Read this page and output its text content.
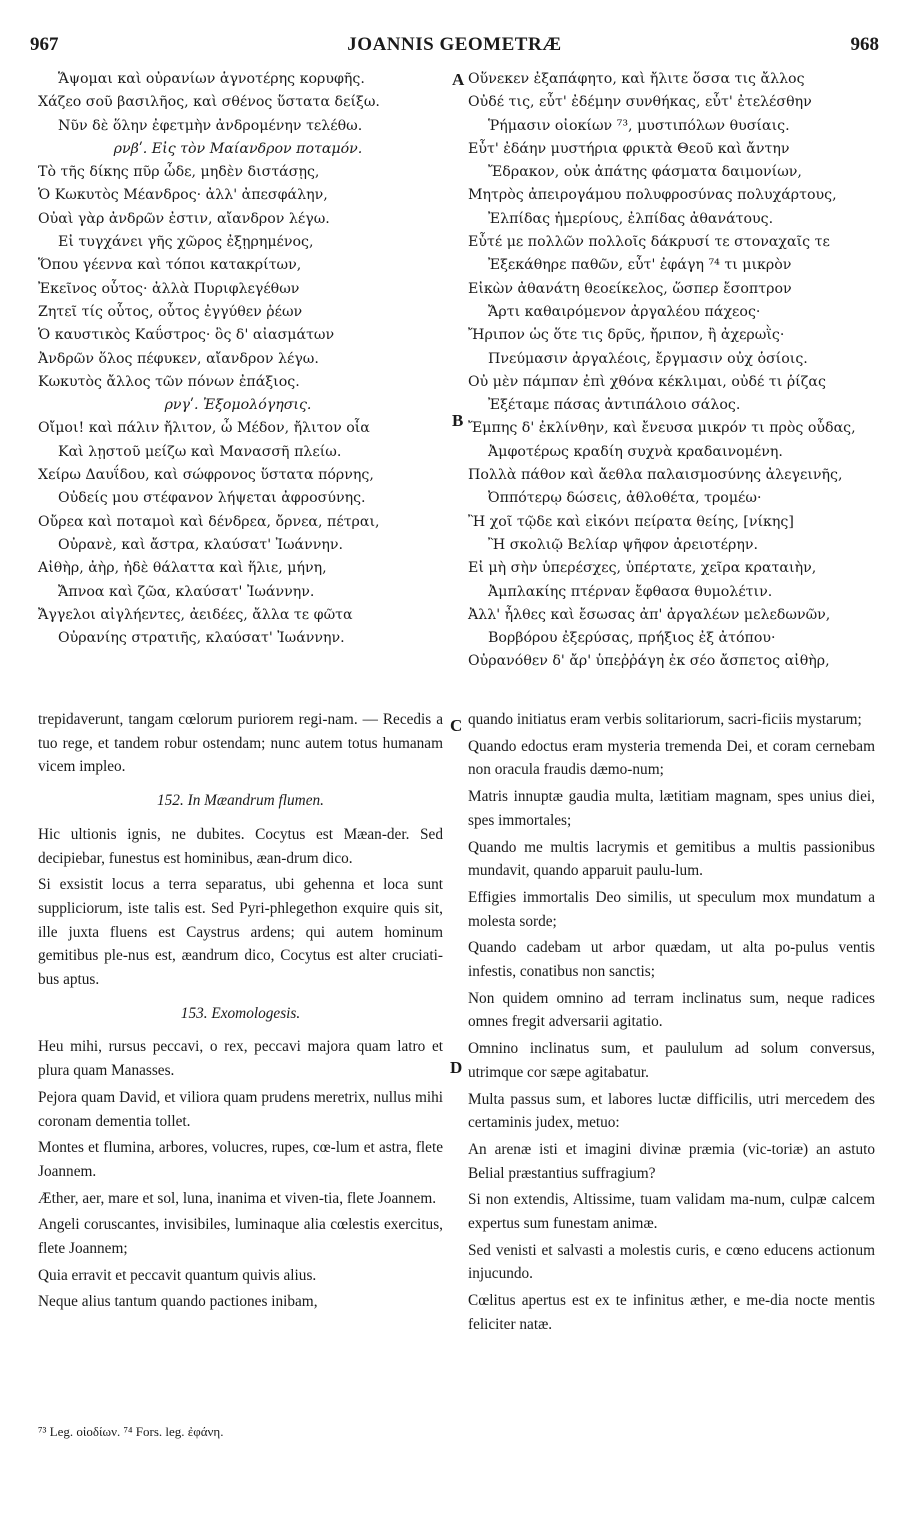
967	JOANNIS GEOMETRÆ	968
Ἅψομαι καὶ οὐρανίων ἁγνοτέρης κορυφῆς.
Χάζεο σοῦ βασιλῆος, καὶ σθένος ὕστατα δείξω.
Νῦν δὲ ὅλην ἐφετμὴν ἀνδρομένην τελέθω.
ρνβʹ. Εἰς τὸν Μαίανδρον ποταμόν.
Τὸ τῆς δίκης πῦρ ὧδε, μηδὲν διστάσῃς,
Ὁ Κωκυτὸς Μέανδρος· ἀλλ' ἀπεσφάλην,
Οὐαὶ γὰρ ἀνδρῶν ἐστιν, αἴανδρον λέγω.
Εἰ τυγχάνει γῆς χῶρος ἐξῃρημένος,
Ὅπου γέεννα καὶ τόποι κατακρίτων,
Ἐκεῖνος οὗτος· ἀλλὰ Πυριφλεγέθων
Ζητεῖ τίς οὗτος, οὗτος ἐγγύθεν ῥέων
Ὁ καυστικὸς Καΰστρος· ὃς δ' αἰασμάτων
Ἀνδρῶν ὅλος πέφυκεν, αἴανδρον λέγω.
Κωκυτὸς ἄλλος τῶν πόνων ἐπάξιος.
ρνγʹ. Ἐξομολόγησις.
Οἴμοι! καὶ πάλιν ἤλιτον, ὦ Μέδον, ἤλιτον οἷα
Καὶ λῃστοῦ μείζω καὶ Μανασσῆ πλείω.
Χείρω Δαυΐδου, καὶ σώφρονος ὕστατα πόρνης,
Οὐδείς μου στέφανον λήψεται ἀφροσύνης.
Οὔρεα καὶ ποταμοὶ καὶ δένδρεα, ὄρνεα, πέτραι,
Οὐρανὲ, καὶ ἄστρα, κλαύσατ' Ἰωάννην.
Αἰθὴρ, ἀὴρ, ἠδὲ θάλαττα καὶ ἥλιε, μήνη,
Ἄπνοα καὶ ζῶα, κλαύσατ' Ἰωάννην.
Ἄγγελοι αἰγλήεντες, ἀειδέες, ἄλλα τε φῶτα
Οὐρανίης στρατιῆς, κλαύσατ' Ἰωάννην.
Οὕνεκεν ἐξαπάφητο, καὶ ἤλιτε ὅσσα τις ἄλλος
Οὐδέ τις, εὖτ' ἐδέμην συνθήκας, εὖτ' ἐτελέσθην
Ῥήμασιν οἰοκίων ⁷³, μυστιπόλων θυσίαις.
Εὖτ' ἐδάην μυστήρια φρικτὰ Θεοῦ καὶ ἄντην
Ἔδρακον, οὐκ ἀπάτης φάσματα δαιμονίων,
Μητρὸς ἀπειρογάμου πολυφροσύνας πολυχάρτους,
Ἐλπίδας ἠμερίους, ἐλπίδας ἀθανάτους.
Εὖτέ με πολλῶν πολλοῖς δάκρυσί τε στοναχαῖς τε
Ἐξεκάθηρε παθῶν, εὖτ' ἐφάγη ⁷⁴ τι μικρὸν
Εἰκὼν ἀθανάτη θεοείκελος, ὥσπερ ἔσοπτρον
Ἄρτι καθαιρόμενον ἀργαλέου πάχεος·
Ἤριπον ὡς ὅτε τις δρῦς, ἤριπον, ἢ ἀχερωῒς·
Πνεύμασιν ἀργαλέοις, ἔργμασιν οὐχ ὁσίοις.
Οὐ μὲν πάμπαν ἐπὶ χθόνα κέκλιμαι, οὐδέ τι ῥίζας
Ἐξέταμε πάσας ἀντιπάλοιο σάλος.
Ἔμπης δ' ἐκλίνθην, καὶ ἔνευσα μικρόν τι πρὸς οὖδας,
Ἀμφοτέρως κραδίη συχνὰ κραδαινομένη.
Πολλὰ πάθον καὶ ἄεθλα παλαισμοσύνης ἀλεγεινῆς,
Ὀππότερῳ δώσεις, ἀθλοθέτα, τρομέω·
Ἢ χοῖ τῷδε καὶ εἰκόνι πείρατα θείης, [νίκης]
Ἢ σκολιῷ Βελίαρ ψῆφον ἀρειοτέρην.
Εἰ μὴ σὴν ὑπερέσχες, ὑπέρτατε, χεῖρα κραταιὴν,
Ἀμπλακίης πτέρναν ἔφθασα θυμολέτιν.
Ἀλλ' ἦλθες καὶ ἔσωσας ἀπ' ἀργαλέων μελεδωνῶν,
Βορβόρου ἐξερύσας, πρήξιος ἐξ ἀτόπου·
Οὐρανόθεν δ' ἄρ' ὑπεῤῥάγη ἐκ σέο ἄσπετος αἰθὴρ,
A
B
C
D

trepidaverunt, tangam cœlorum puriorem regi-nam. — Recedis a tuo rege, et tandem robur ostendam; nunc autem totus humanam vicem impleo.

152. In Mæandrum flumen.

Hic ultionis ignis, ne dubites. Cocytus est Mæan-der. Sed decipiebar, funestus est hominibus, æan-drum dico.

Si exsistit locus a terra separatus, ubi gehenna et loca sunt suppliciorum, iste talis est. Sed Pyri-phlegethon exquire quis sit, ille juxta fluens est Caystrus ardens; qui autem hominum gemitibus ple-nus est, æandrum dico, Cocytus est alter cruciati-bus aptus.

153. Exomologesis.

Heu mihi, rursus peccavi, o rex, peccavi majora quam latro et plura quam Manasses.

Pejora quam David, et viliora quam prudens meretrix, nullus mihi coronam dementia tollet.

Montes et flumina, arbores, volucres, rupes, cœ-lum et astra, flete Joannem.

Æther, aer, mare et sol, luna, inanima et viven-tia, flete Joannem.

Angeli coruscantes, invisibiles, luminaque alia cœlestis exercitus, flete Joannem;

Quia erravit et peccavit quantum quivis alius.

Neque alius tantum quando pactiones inibam,

quando initiatus eram verbis solitariorum, sacri-ficiis mystarum;

Quando edoctus eram mysteria tremenda Dei, et coram cernebam non oracula fraudis dæmo-num;

Matris innuptæ gaudia multa, lætitiam magnam, spes unius diei, spes immortales;

Quando me multis lacrymis et gemitibus a multis passionibus mundavit, quando apparuit paulu-lum.

Effigies immortalis Deo similis, ut speculum mox mundatum a molesta sorde;

Quando cadebam ut arbor quædam, ut alta po-pulus ventis infestis, conatibus non sanctis;

Non quidem omnino ad terram inclinatus sum, neque radices omnes fregit adversarii agitatio.

Omnino inclinatus sum, et paululum ad solum conversus, utrimque cor sæpe agitabatur.

Multa passus sum, et labores luctæ difficilis, utri mercedem des certaminis judex, metuo:

An arenæ isti et imagini divinæ præmia (vic-toriæ) an astuto Belial præstantius suffragium?

Si non extendis, Altissime, tuam validam ma-num, culpæ calcem expertus sum funestam animæ.

Sed venisti et salvasti a molestis curis, e cœno educens actionum injucundo.

Cœlitus apertus est ex te infinitus æther, e me-dia nocte mentis feliciter natæ.

⁷³ Leg. οἰοδίων. ⁷⁴ Fors. leg. ἐφάνη.
